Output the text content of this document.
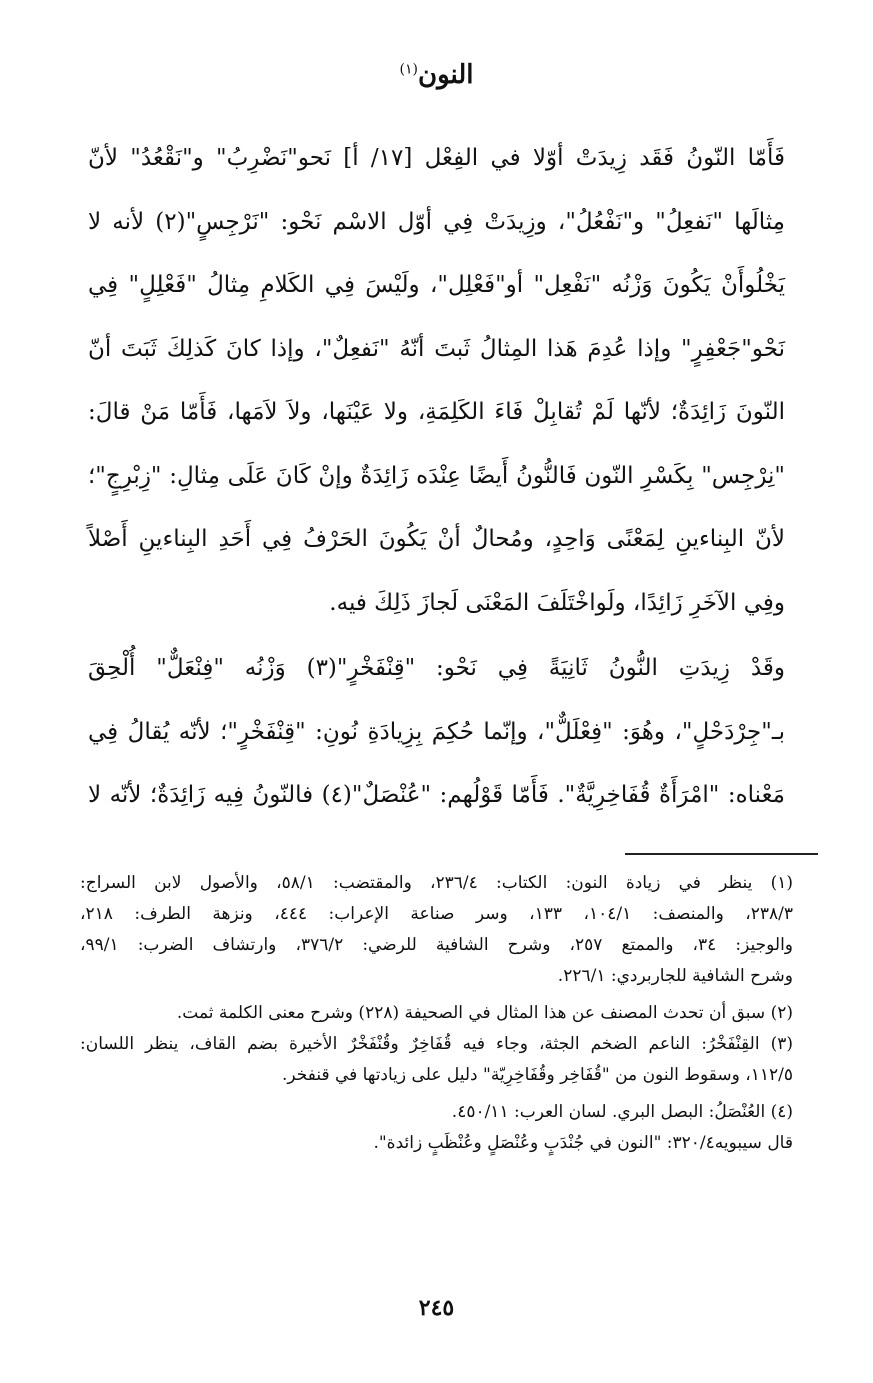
النون$^{(١)}$
فَأَمّا النّونُ فَقَد زِيدَتْ أوّلا في الفِعْل [١٧/ أ] نَحو"نَضْرِبُ" و"نَقْعُدُ" لأنّ
مِثالَها "نَفعِلُ" و"نَفْعُلُ"، وزِيدَتْ فِي أوّل الاسْم نَحْو: "نَرْجِسٍ"(٢) لأنه لا
يَخْلُوأَنْ يَكُونَ وَزْنُه "نَفْعِل" أو"فَعْلِل"، ولَيْسَ فِي الكَلامِ مِثالُ "فَعْلِلٍ" فِي
نَحْو"جَعْفِرٍ" وإذا عُدِمَ هَذا المِثالُ ثَبتَ أنّهُ "نَفعِلٌ"، وإذا كانَ كَذلِكَ ثَبَتَ أنّ
النّونَ زَائِدَةٌ؛ لأنّها لَمْ تُقابِلْ فَاءَ الكَلِمَةِ، ولا عَيْنَها، ولاَ لاَمَها، فَأَمّا مَنْ قالَ:
"نِرْجِس" بِكَسْرِ النّون فَالنُّونُ أَيضًا عِنْدَه زَائِدَةٌ وإنْ كَانَ عَلَى مِثالِ: "زِبْرِجٍ"؛
لأنّ البِناءينِ لِمَعْنًى وَاحِدٍ، ومُحالٌ أنْ يَكُونَ الحَرْفُ فِي أَحَدِ البِناءينِ أَصْلاً
وفِي الآخَرِ زَائِدًا، ولَواخْتَلَفَ المَعْنَى لَجازَ ذَلِكَ فيه.
وقَدْ زِيدَتِ النُّونُ ثَانِيَةً فِي نَحْو: "قِنْفَخْرٍ"(٣) وَزْنُه "فِنْعَلٌّ" أُلْحِقَ
بـ"جِرْدَحْلٍ"، وهُوَ: "فِعْلَلٌّ"، وإنّما حُكِمَ بِزِيادَةِ نُونِ: "قِنْفَخْرٍ"؛ لأنّه يُقالُ فِي
مَعْناه: "امْرَأَةٌ قُفَاخِرِيَّةٌ". فَأَمّا قَوْلُهم: "عُنْصَلٌ"(٤) فالنّونُ فِيه زَائِدَةٌ؛ لأنّه لا
(١) ينظر في زيادة النون: الكتاب: ٢٣٦/٤، والمقتضب: ٥٨/١، والأصول لابن السراج:
٢٣٨/٣، والمنصف: ١٠٤/١، ١٣٣، وسر صناعة الإعراب: ٤٤٤، ونزهة الطرف: ٢١٨،
والوجيز: ٣٤، والممتع ٢٥٧، وشرح الشافية للرضي: ٣٧٦/٢، وارتشاف الضرب: ٩٩/١،
وشرح الشافية للجاربردي: ٢٢٦/١.
(٢) سبق أن تحدث المصنف عن هذا المثال في الصحيفة (٢٢٨) وشرح معنى الكلمة ثمت.
(٣) القِنْفَخْرُ: الناعم الضخم الجثة، وجاء فيه قُفَاخِرٌ وقُنْفَخْرٌ الأخيرة بضم القاف، ينظر اللسان:
١١٢/٥، وسقوط النون من "قُفَاخِر وقُفَاخِرِيّة" دليل على زيادتها في قنفخر.
(٤) العُنْصَلُ: البصل البري. لسان العرب: ٤٥٠/١١.
قال سيبويه٣٢٠/٤: "النون في جُنْدَبٍ وعُنْصَلٍ وعُنْظَبٍ زائدة".
٢٤٥
